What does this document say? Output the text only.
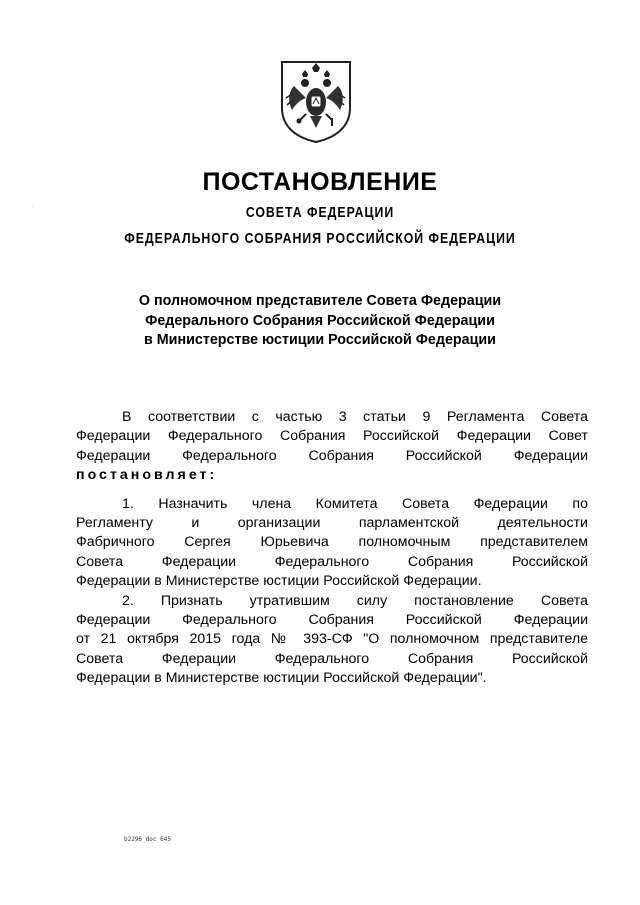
·
ПОСТАНОВЛЕНИЕ
СОВЕТА ФЕДЕРАЦИИ
ФЕДЕРАЛЬНОГО СОБРАНИЯ РОССИЙСКОЙ ФЕДЕРАЦИИ
О полномочном представителе Совета Федерации
Федерального Собрания Российской Федерации
в Министерстве юстиции Российской Федерации
В соответствии с частью 3 статьи 9 Регламента Совета
Федерации Федерального Собрания Российской Федерации Совет
Федерации Федерального Собрания Российской Федерации
постановляет:
1. Назначить члена Комитета Совета Федерации по
Регламенту и организации парламентской деятельности
Фабричного Сергея Юрьевича полномочным представителем
Совета Федерации Федерального Собрания Российской
Федерации в Министерстве юстиции Российской Федерации.
2. Признать утратившим силу постановление Совета
Федерации Федерального Собрания Российской Федерации
от 21 октября 2015 года № 393-СФ "О полномочном представителе
Совета Федерации Федерального Собрания Российской
Федерации в Министерстве юстиции Российской Федерации".
b2296 doc 645
